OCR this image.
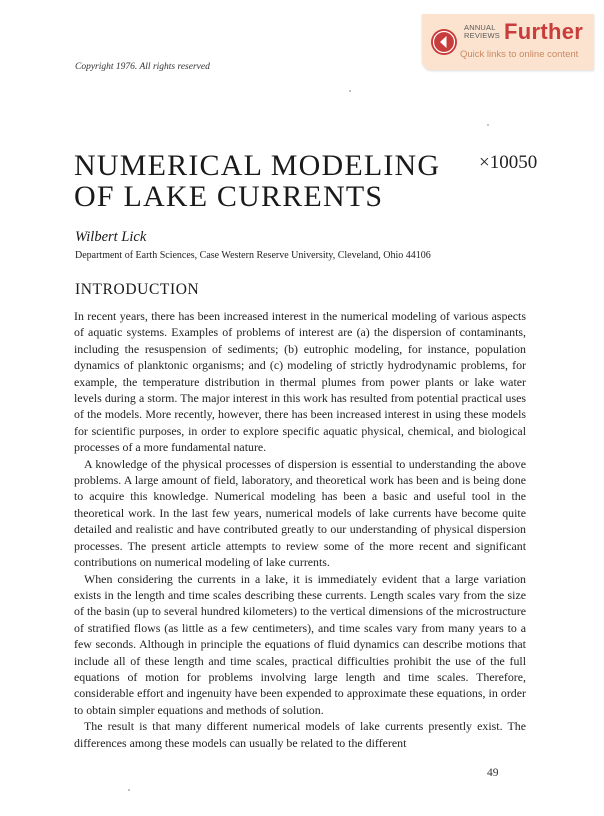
ANNUAL REVIEWS Further
Quick links to online content
Copyright 1976. All rights reserved
NUMERICAL MODELING
OF LAKE CURRENTS
×10050
Wilbert Lick
Department of Earth Sciences, Case Western Reserve University, Cleveland, Ohio 44106
INTRODUCTION

In recent years, there has been increased interest in the numerical modeling of various aspects of aquatic systems. Examples of problems of interest are (a) the dispersion of contaminants, including the resuspension of sediments; (b) eutrophic modeling, for instance, population dynamics of planktonic organisms; and (c) modeling of strictly hydrodynamic problems, for example, the temperature distribution in thermal plumes from power plants or lake water levels during a storm. The major interest in this work has resulted from potential practical uses of the models. More recently, however, there has been increased interest in using these models for scientific purposes, in order to explore specific aquatic physical, chemical, and biological processes of a more fundamental nature.

A knowledge of the physical processes of dispersion is essential to understanding the above problems. A large amount of field, laboratory, and theoretical work has been and is being done to acquire this knowledge. Numerical modeling has been a basic and useful tool in the theoretical work. In the last few years, numerical models of lake currents have become quite detailed and realistic and have contributed greatly to our understanding of physical dispersion processes. The present article attempts to review some of the more recent and significant contributions on numerical modeling of lake currents.

When considering the currents in a lake, it is immediately evident that a large variation exists in the length and time scales describing these currents. Length scales vary from the size of the basin (up to several hundred kilometers) to the vertical dimensions of the microstructure of stratified flows (as little as a few centimeters), and time scales vary from many years to a few seconds. Although in principle the equations of fluid dynamics can describe motions that include all of these length and time scales, practical difficulties prohibit the use of the full equations of motion for problems involving large length and time scales. Therefore, considerable effort and ingenuity have been expended to approximate these equations, in order to obtain simpler equations and methods of solution.

The result is that many different numerical models of lake currents presently exist. The differences among these models can usually be related to the different

49
